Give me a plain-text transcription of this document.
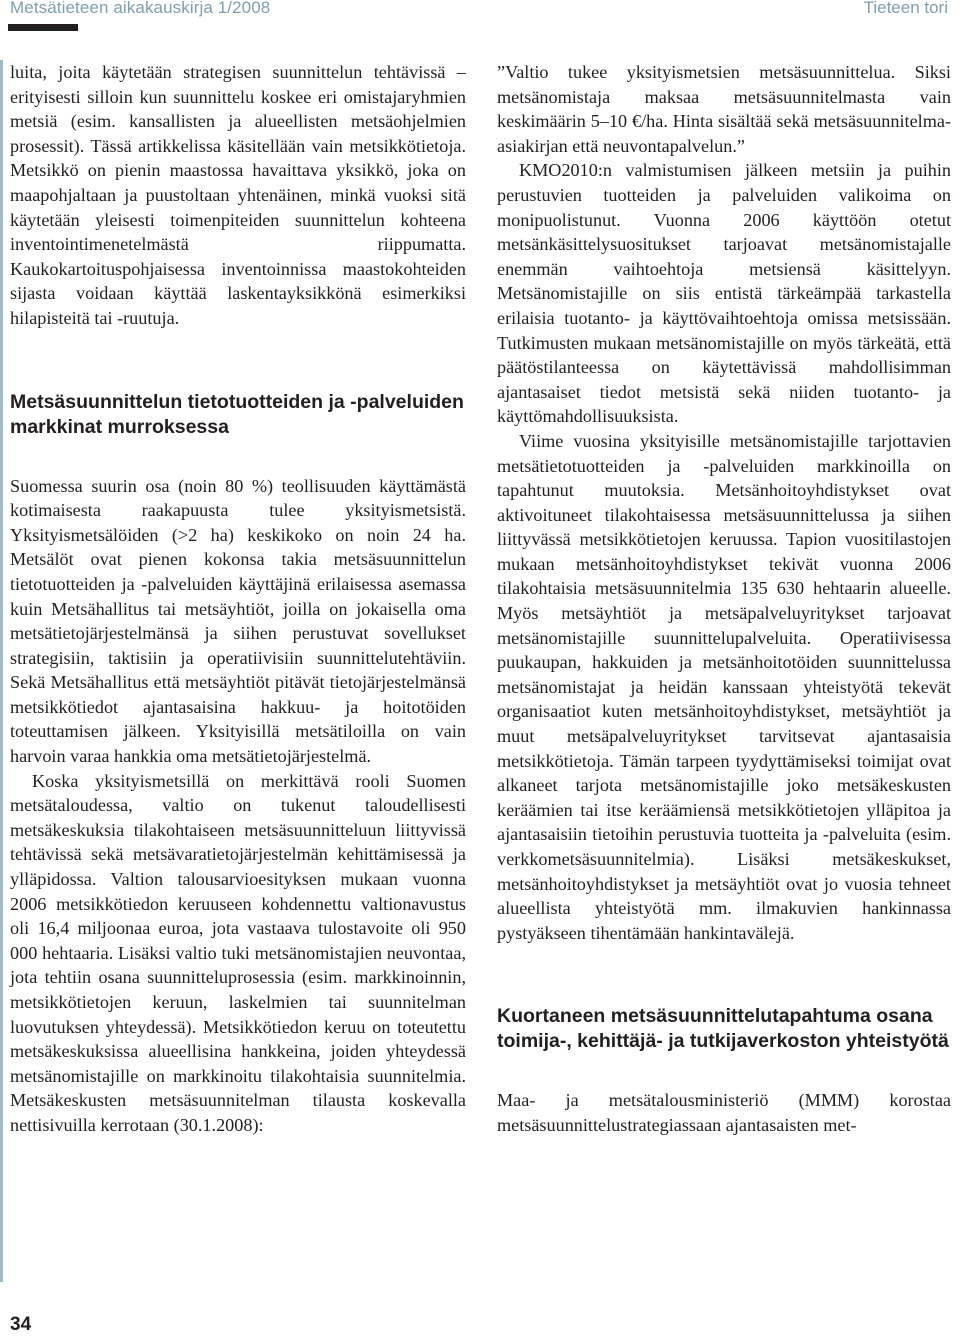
Metsätieteen aikakauskirja 1/2008	Tieteen tori

luita, joita käytetään strategisen suunnittelun tehtävissä – erityisesti silloin kun suunnittelu koskee eri omistajaryhmien metsiä (esim. kansallisten ja alueellisten metsäohjelmien prosessit). Tässä artikkelissa käsitellään vain metsikkötietoja. Metsikkö on pienin maastossa havaittava yksikkö, joka on maapohjaltaan ja puustoltaan yhtenäinen, minkä vuoksi sitä käytetään yleisesti toimenpiteiden suunnittelun kohteena inventointimenetelmästä riippumatta. Kaukokartoituspohjaisessa inventoinnissa maastokohteiden sijasta voidaan käyttää laskentayksikkönä esimerkiksi hilapisteitä tai -ruutuja.

Metsäsuunnittelun tietotuotteiden ja -palveluiden markkinat murroksessa

Suomessa suurin osa (noin 80 %) teollisuuden käyttämästä kotimaisesta raakapuusta tulee yksityismetsistä. Yksityismetsälöiden (>2 ha) keskikoko on noin 24 ha. Metsälöt ovat pienen kokonsa takia metsäsuunnittelun tietotuotteiden ja -palveluiden käyttäjinä erilaisessa asemassa kuin Metsähallitus tai metsäyhtiöt, joilla on jokaisella oma metsätietojärjestelmänsä ja siihen perustuvat sovellukset strategisiin, taktisiin ja operatiivisiin suunnittelutehtäviin. Sekä Metsähallitus että metsäyhtiöt pitävät tietojärjestelmänsä metsikkötiedot ajantasaisina hakkuu- ja hoitotöiden toteuttamisen jälkeen. Yksityisillä metsätiloilla on vain harvoin varaa hankkia oma metsätietojärjestelmä.

Koska yksityismetsillä on merkittävä rooli Suomen metsätaloudessa, valtio on tukenut taloudellisesti metsäkeskuksia tilakohtaiseen metsäsuunnitteluun liittyvissä tehtävissä sekä metsävaratietojärjestelmän kehittämisessä ja ylläpidossa. Valtion talousarvioesityksen mukaan vuonna 2006 metsikkötiedon keruuseen kohdennettu valtionavustus oli 16,4 miljoonaa euroa, jota vastaava tulostavoite oli 950 000 hehtaaria. Lisäksi valtio tuki metsänomistajien neuvontaa, jota tehtiin osana suunnitteluprosessia (esim. markkinoinnin, metsikkötietojen keruun, laskelmien tai suunnitelman luovutuksen yhteydessä). Metsikkötiedon keruu on toteutettu metsäkeskuksissa alueellisina hankkeina, joiden yhteydessä metsänomistajille on markkinoitu tilakohtaisia suunnitelmia. Metsäkeskusten metsäsuunnitelman tilausta koskevalla nettisivuilla kerrotaan (30.1.2008):

”Valtio tukee yksityismetsien metsäsuunnittelua. Siksi metsänomistaja maksaa metsäsuunnitelmasta vain keskimäärin 5–10 €/ha. Hinta sisältää sekä metsäsuunnitelma-asiakirjan että neuvontapalvelun.”

KMO2010:n valmistumisen jälkeen metsiin ja puihin perustuvien tuotteiden ja palveluiden valikoima on monipuolistunut. Vuonna 2006 käyttöön otetut metsänkäsittelysuositukset tarjoavat metsänomistajalle enemmän vaihtoehtoja metsiensä käsittelyyn. Metsänomistajille on siis entistä tärkeämpää tarkastella erilaisia tuotanto- ja käyttövaihtoehtoja omissa metsissään. Tutkimusten mukaan metsänomistajille on myös tärkeätä, että päätöstilanteessa on käytettävissä mahdollisimman ajantasaiset tiedot metsistä sekä niiden tuotanto- ja käyttömahdollisuuksista.

Viime vuosina yksityisille metsänomistajille tarjottavien metsätietotuotteiden ja -palveluiden markkinoilla on tapahtunut muutoksia. Metsänhoitoyhdistykset ovat aktivoituneet tilakohtaisessa metsäsuunnittelussa ja siihen liittyvässä metsikkötietojen keruussa. Tapion vuositilastojen mukaan metsänhoitoyhdistykset tekivät vuonna 2006 tilakohtaisia metsäsuunnitelmia 135 630 hehtaarin alueelle. Myös metsäyhtiöt ja metsäpalveluyritykset tarjoavat metsänomistajille suunnittelupalveluita. Operatiivisessa puukaupan, hakkuiden ja metsänhoitotöiden suunnittelussa metsänomistajat ja heidän kanssaan yhteistyötä tekevät organisaatiot kuten metsänhoitoyhdistykset, metsäyhtiöt ja muut metsäpalveluyritykset tarvitsevat ajantasaisia metsikkötietoja. Tämän tarpeen tyydyttämiseksi toimijat ovat alkaneet tarjota metsänomistajille joko metsäkeskusten keräämien tai itse keräämiensä metsikkötietojen ylläpitoa ja ajantasaisiin tietoihin perustuvia tuotteita ja -palveluita (esim. verkkometsäsuunnitelmia). Lisäksi metsäkeskukset, metsänhoitoyhdistykset ja metsäyhtiöt ovat jo vuosia tehneet alueellista yhteistyötä mm. ilmakuvien hankinnassa pystyäkseen tihentämään hankintavälejä.

Kuortaneen metsäsuunnittelutapahtuma osana toimija-, kehittäjä- ja tutkijaverkoston yhteistyötä

Maa- ja metsätalousministeriö (MMM) korostaa metsäsuunnittelustrategiassaan ajantasaisten met-

34
